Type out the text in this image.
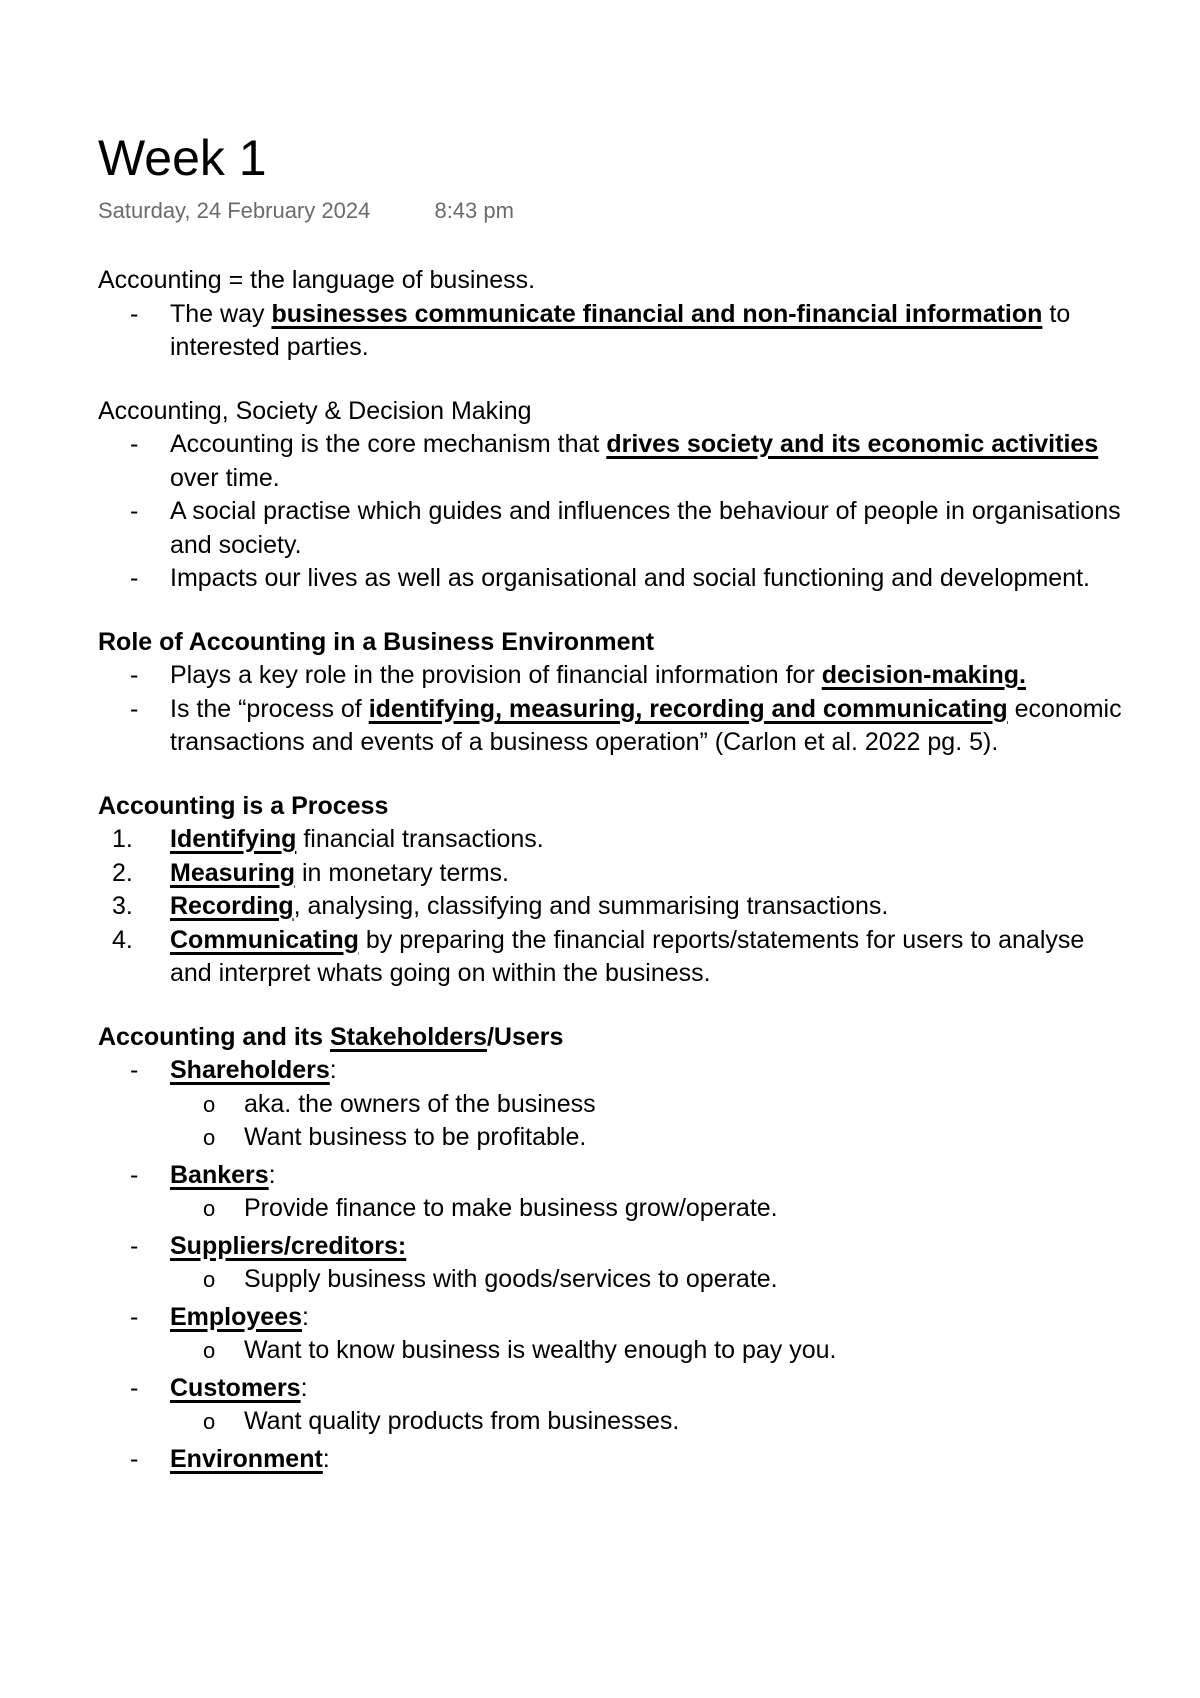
Week 1
Saturday, 24 February 2024	8:43 pm
Accounting = the language of business.
- The way businesses communicate financial and non-financial information to interested parties.
Accounting, Society & Decision Making
- Accounting is the core mechanism that drives society and its economic activities over time.
- A social practise which guides and influences the behaviour of people in organisations and society.
- Impacts our lives as well as organisational and social functioning and development.
Role of Accounting in a Business Environment
- Plays a key role in the provision of financial information for decision-making.
- Is the “process of identifying, measuring, recording and communicating economic transactions and events of a business operation” (Carlon et al. 2022 pg. 5).
Accounting is a Process
1. Identifying financial transactions.
2. Measuring in monetary terms.
3. Recording, analysing, classifying and summarising transactions.
4. Communicating by preparing the financial reports/statements for users to analyse and interpret whats going on within the business.
Accounting and its Stakeholders/Users
- Shareholders:
o aka. the owners of the business
o Want business to be profitable.
- Bankers:
o Provide finance to make business grow/operate.
- Suppliers/creditors:
o Supply business with goods/services to operate.
- Employees:
o Want to know business is wealthy enough to pay you.
- Customers:
o Want quality products from businesses.
- Environment:
